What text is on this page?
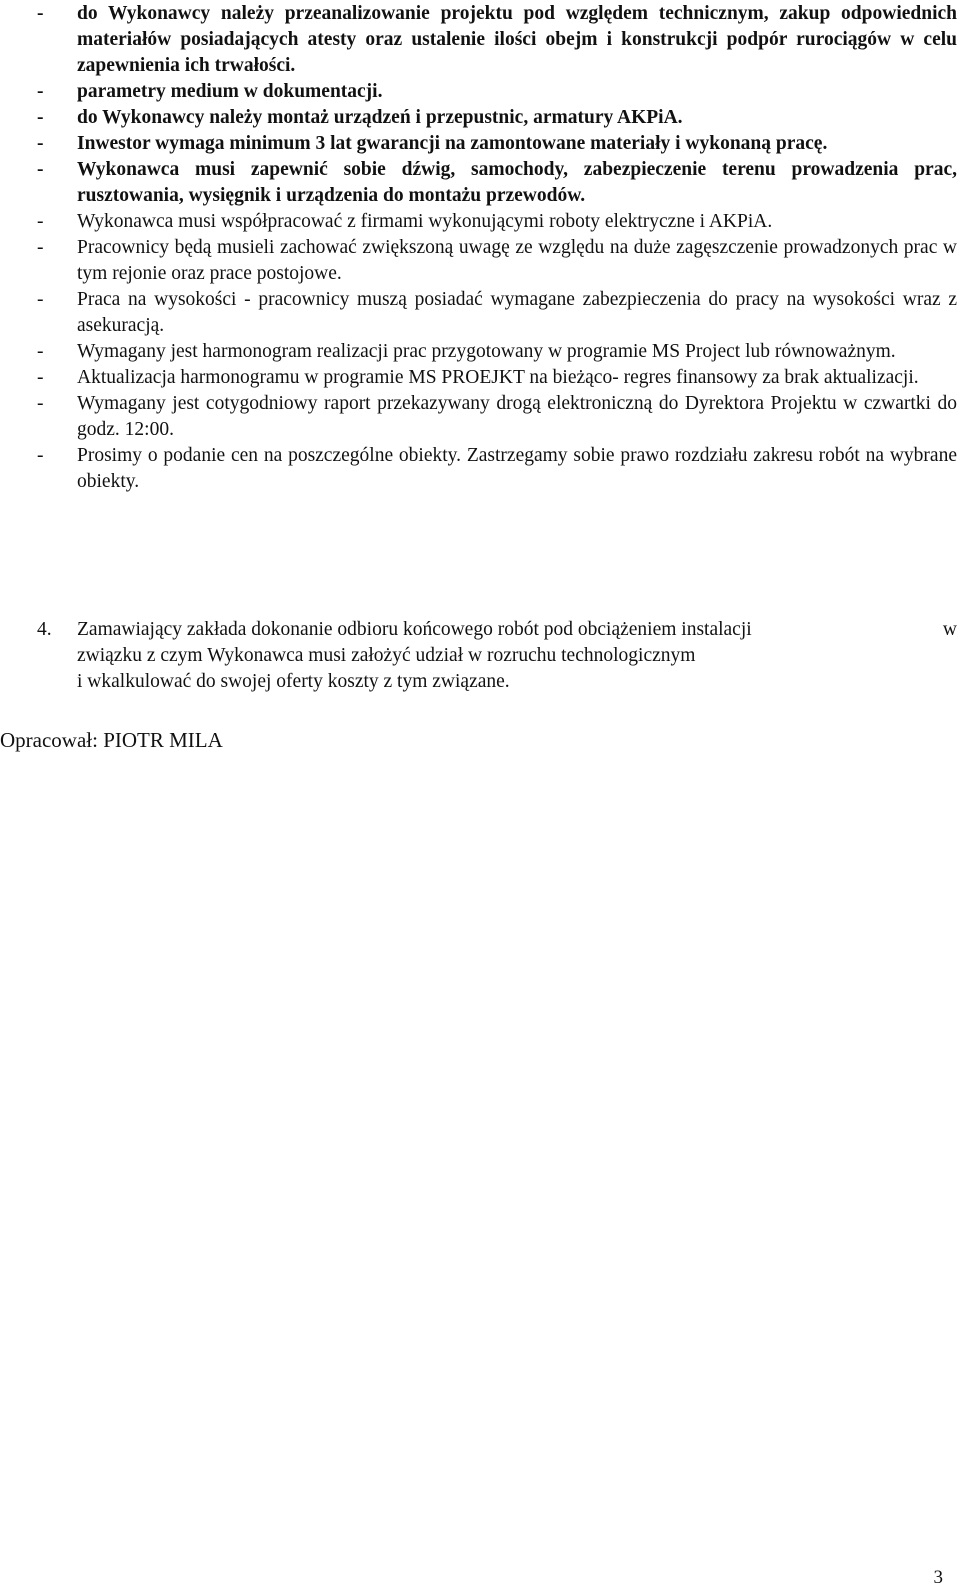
-	do Wykonawcy należy przeanalizowanie projektu pod względem technicznym, zakup odpowiednich materiałów posiadających atesty oraz ustalenie ilości obejm i konstrukcji podpór rurociągów w celu zapewnienia ich trwałości.
-	parametry medium w dokumentacji.
-	do Wykonawcy należy montaż urządzeń i przepustnic, armatury AKPiA.
-	Inwestor wymaga minimum 3 lat gwarancji na zamontowane materiały i wykonaną pracę.
-	Wykonawca musi zapewnić sobie dźwig, samochody, zabezpieczenie terenu prowadzenia prac, rusztowania, wysięgnik i urządzenia do montażu przewodów.
-	Wykonawca musi współpracować z firmami wykonującymi roboty elektryczne i AKPiA.
-	Pracownicy będą musieli zachować zwiększoną uwagę ze względu na duże zagęszczenie prowadzonych prac w tym rejonie oraz prace postojowe.
-	Praca na wysokości - pracownicy muszą posiadać wymagane zabezpieczenia do pracy na wysokości wraz z asekuracją.
-	Wymagany jest harmonogram realizacji prac przygotowany w programie MS Project lub równoważnym.
-	Aktualizacja harmonogramu w programie MS PROEJKT na bieżąco- regres finansowy za brak aktualizacji.
-	Wymagany jest cotygodniowy raport przekazywany drogą elektroniczną do Dyrektora Projektu w czwartki do godz. 12:00.
-	Prosimy o podanie cen na poszczególne obiekty. Zastrzegamy sobie prawo rozdziału zakresu robót na wybrane obiekty.
4.	Zamawiający zakłada dokonanie odbioru końcowego robót pod obciążeniem instalacji	w
związku z czym Wykonawca musi założyć udział w rozruchu technologicznym
i wkalkulować do swojej oferty koszty z tym związane.
Opracował: PIOTR MILA
3
